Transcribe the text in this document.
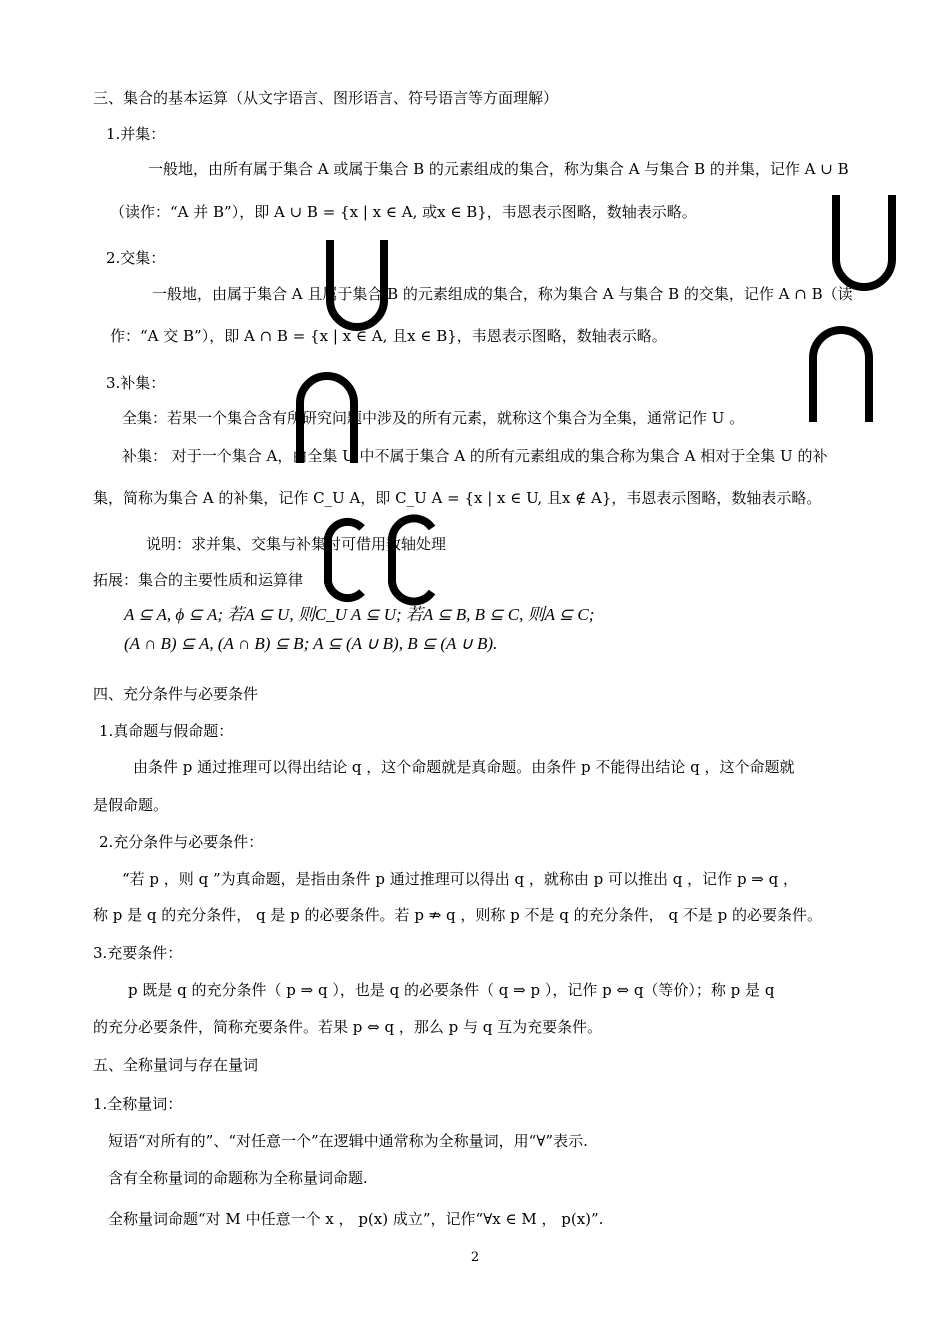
三、集合的基本运算（从文字语言、图形语言、符号语言等方面理解）
1.并集：
一般地，由所有属于集合 A 或属于集合 B 的元素组成的集合，称为集合 A 与集合 B 的并集，记作 A ∪ B
（读作：“A 并 B”），即 A ∪ B = {x | x ∈ A, 或x ∈ B}，韦恩表示图略，数轴表示略。
2.交集：
一般地，由属于集合 A 且属于集合 B 的元素组成的集合，称为集合 A 与集合 B 的交集，记作 A ∩ B（读
作：“A 交 B”），即 A ∩ B = {x | x ∈ A, 且x ∈ B}，韦恩表示图略，数轴表示略。
3.补集：
全集：若果一个集合含有所研究问题中涉及的所有元素，就称这个集合为全集，通常记作 U 。
补集： 对于一个集合 A，由全集 U 中不属于集合 A 的所有元素组成的集合称为集合 A 相对于全集 U 的补
集，简称为集合 A 的补集，记作 C_U A，即 C_U A = {x | x ∈ U, 且x ∉ A}，韦恩表示图略，数轴表示略。
说明：求并集、交集与补集时可借用数轴处理
拓展：集合的主要性质和运算律
A ⊆ A, ϕ ⊆ A; 若A ⊆ U, 则C_U A ⊆ U; 若A ⊆ B, B ⊆ C, 则A ⊆ C;
(A ∩ B) ⊆ A, (A ∩ B) ⊆ B; A ⊆ (A ∪ B), B ⊆ (A ∪ B).
四、充分条件与必要条件
1.真命题与假命题：
由条件 p 通过推理可以得出结论 q ，这个命题就是真命题。由条件 p 不能得出结论 q ，这个命题就
是假命题。
2.充分条件与必要条件：
“若 p ，则 q ”为真命题，是指由条件 p 通过推理可以得出 q ，就称由 p 可以推出 q ，记作 p ⇒ q ，
称 p 是 q 的充分条件， q 是 p 的必要条件。若 p ⇏ q ，则称 p 不是 q 的充分条件， q 不是 p 的必要条件。
3.充要条件：
p 既是 q 的充分条件（ p ⇒ q ），也是 q 的必要条件（ q ⇒ p ），记作 p ⇔ q（等价）；称 p 是 q
的充分必要条件，简称充要条件。若果 p ⇔ q ，那么 p 与 q 互为充要条件。
五、全称量词与存在量词
1.全称量词：
短语“对所有的”、“对任意一个”在逻辑中通常称为全称量词，用“∀”表示.
含有全称量词的命题称为全称量词命题.
全称量词命题“对 M 中任意一个 x ， p(x) 成立”，记作“∀x ∈ M ， p(x)”.
2
